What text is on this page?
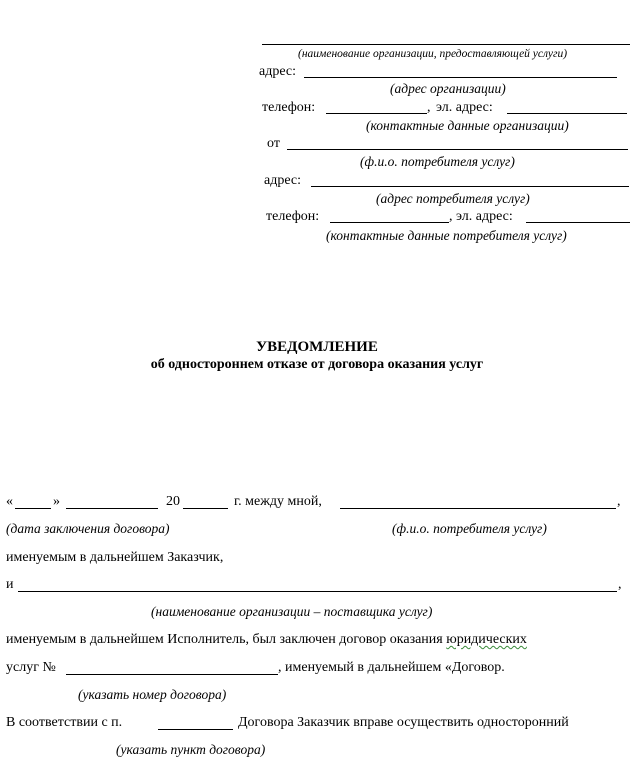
(наименование организации, предоставляющей услуги)
адрес:
(адрес организации)
телефон:	, эл. адрес:
(контактные данные организации)
от
(ф.и.о. потребителя услуг)
адрес:
(адрес потребителя услуг)
телефон:	, эл. адрес:
(контактные данные потребителя услуг)
УВЕДОМЛЕНИЕ
об одностороннем отказе от договора оказания услуг
«	»	20	г. между мной,	,
(дата заключения договора)	(ф.и.о. потребителя услуг)
именуемым в дальнейшем Заказчик,
и	,
(наименование организации – поставщика услуг)
именуемым в дальнейшем Исполнитель, был заключен договор оказания юридических
услуг №	, именуемый в дальнейшем «Договор.
(указать номер договора)
В соответствии с п.	Договора Заказчик вправе осуществить односторонний
(указать пункт договора)
